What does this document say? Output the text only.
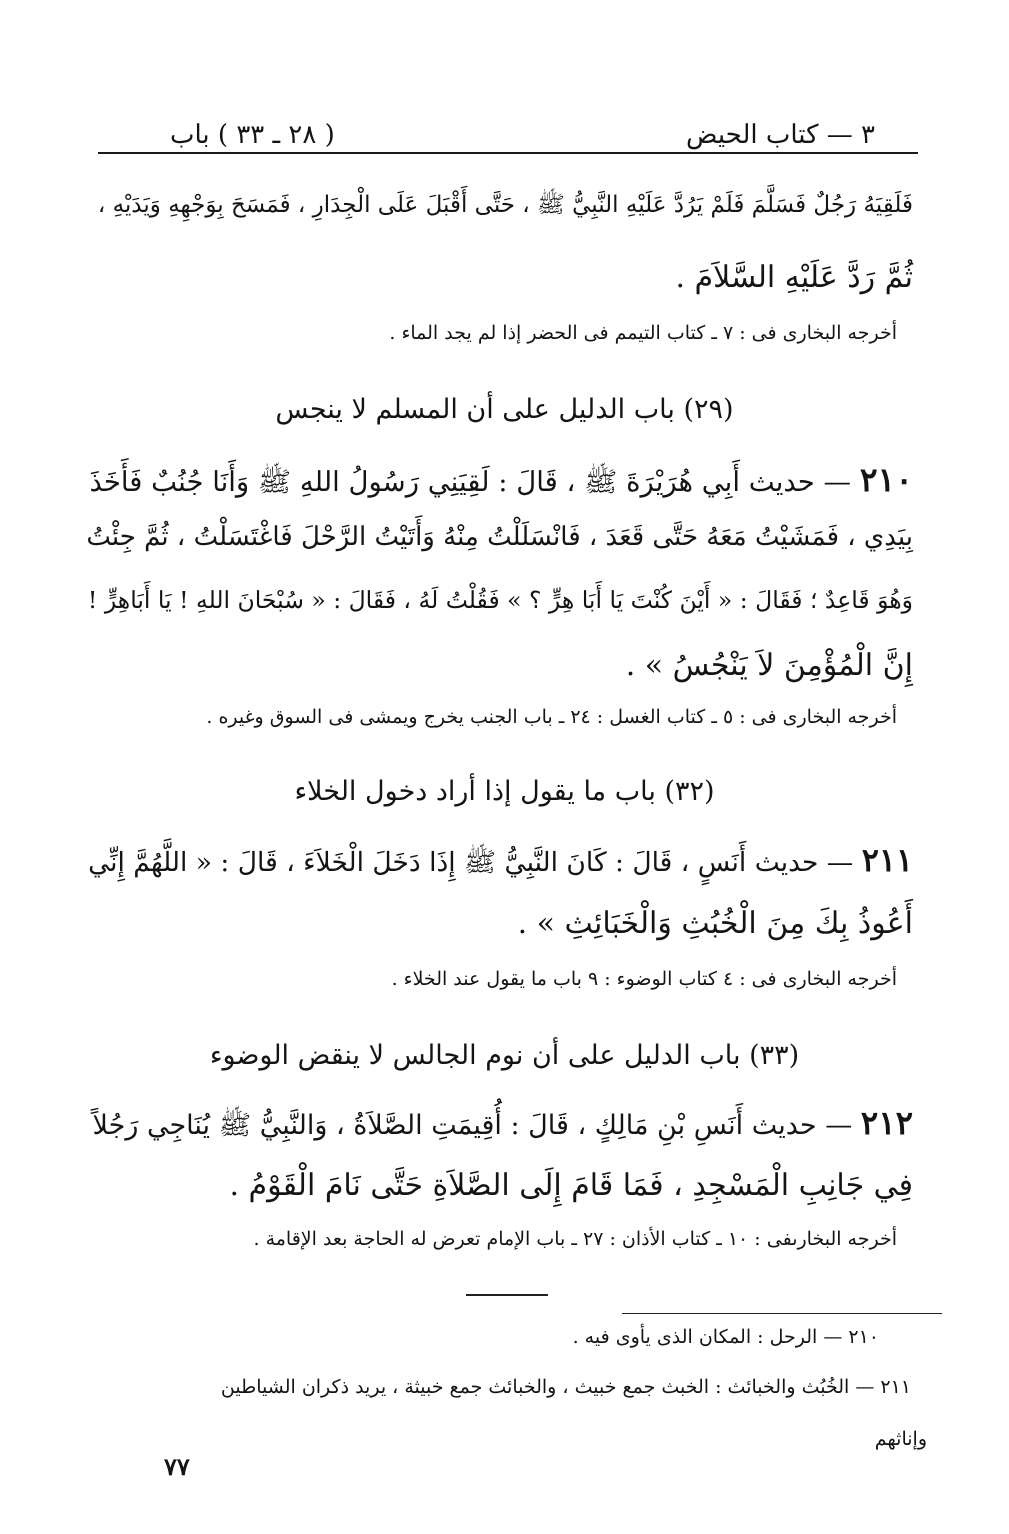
٣ — كتاب الحيض
( ٢٨ ـ ٣٣ ) باب
فَلَقِيَهُ رَجُلٌ فَسَلَّمَ فَلَمْ يَرُدَّ عَلَيْهِ النَّبِيُّ ﷺ ، حَتَّى أَقْبَلَ عَلَى الْجِدَارِ ، فَمَسَحَ بِوَجْهِهِ وَيَدَيْهِ ،
ثُمَّ رَدَّ عَلَيْهِ السَّلاَمَ .
أخرجه البخارى فى : ٧ ـ كتاب التيمم فى الحضر إذا لم يجد الماء .
(٢٩) باب الدليل على أن المسلم لا ينجس
٢١٠ — حديث أَبِي هُرَيْرَةَ ﷺ ، قَالَ : لَقِيَنِي رَسُولُ اللهِ ﷺ وَأَنَا جُنُبٌ فَأَخَذَ
بِيَدِي ، فَمَشَيْتُ مَعَهُ حَتَّى قَعَدَ ، فَانْسَلَلْتُ مِنْهُ وَأَتَيْتُ الرَّحْلَ فَاغْتَسَلْتُ ، ثُمَّ جِئْتُ
وَهُوَ قَاعِدٌ ؛ فَقَالَ : « أَيْنَ كُنْتَ يَا أَبَا هِرٍّ ؟ » فَقُلْتُ لَهُ ، فَقَالَ : « سُبْحَانَ اللهِ ! يَا أَبَاهِرٍّ !
إِنَّ الْمُؤْمِنَ لاَ يَنْجُسُ » .
أخرجه البخارى فى : ٥ ـ كتاب الغسل : ٢٤ ـ باب الجنب يخرج ويمشى فى السوق وغيره .
(٣٢) باب ما يقول إذا أراد دخول الخلاء
٢١١ — حديث أَنَسٍ ، قَالَ : كَانَ النَّبِيُّ ﷺ إِذَا دَخَلَ الْخَلاَءَ ، قَالَ : « اللَّهُمَّ إِنِّي
أَعُوذُ بِكَ مِنَ الْخُبُثِ وَالْخَبَائِثِ » .
أخرجه البخارى فى : ٤ كتاب الوضوء : ٩ باب ما يقول عند الخلاء .
(٣٣) باب الدليل على أن نوم الجالس لا ينقض الوضوء
٢١٢ — حديث أَنَسِ بْنِ مَالِكٍ ، قَالَ : أُقِيمَتِ الصَّلاَةُ ، وَالنَّبِيُّ ﷺ يُنَاجِي رَجُلاً
فِي جَانِبِ الْمَسْجِدِ ، فَمَا قَامَ إِلَى الصَّلاَةِ حَتَّى نَامَ الْقَوْمُ .
أخرجه البخارىفى : ١٠ ـ كتاب الأذان : ٢٧ ـ باب الإمام تعرض له الحاجة بعد الإقامة .
٢١٠ — الرحل : المكان الذى يأوى فيه .
٢١١ — الخُبُث والخبائث : الخبث جمع خبيث ، والخبائث جمع خبيثة ، يريد ذكران الشياطين
وإناثهم
٧٧
